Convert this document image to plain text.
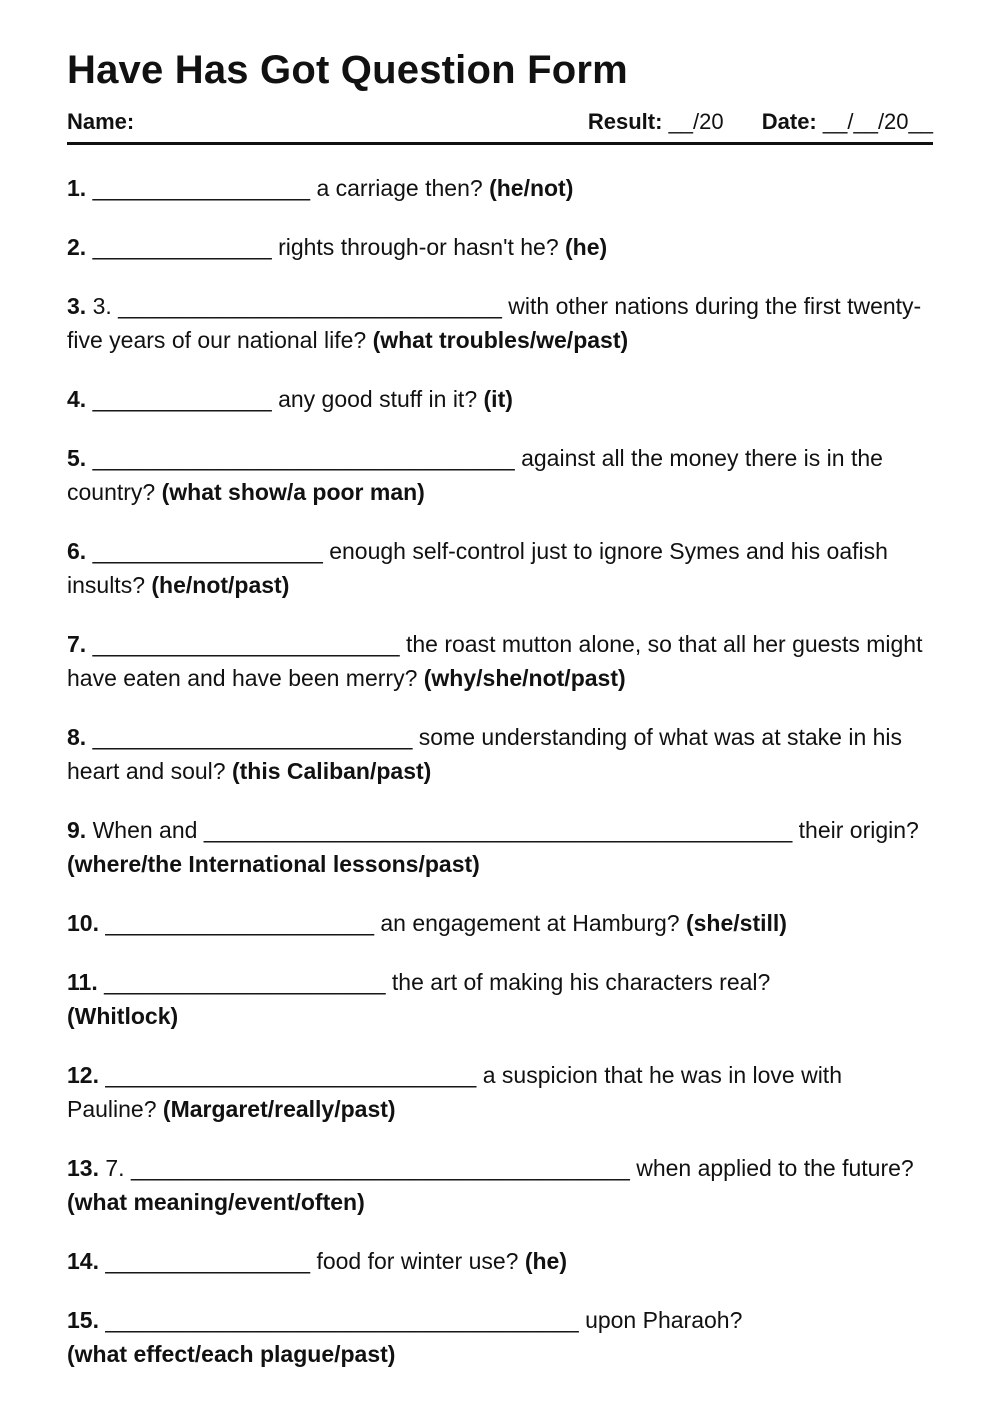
Have Has Got Question Form
Name:	Result: __/20 Date: __/__/20__

1. _________________ a carriage then? (he/not)

2. ______________ rights through-or hasn't he? (he)

3. 3. ______________________________ with other nations during the first twenty-five years of our national life? (what troubles/we/past)

4. ______________ any good stuff in it? (it)

5. _________________________________ against all the money there is in the country? (what show/a poor man)

6. __________________ enough self-control just to ignore Symes and his oafish insults? (he/not/past)

7. ________________________ the roast mutton alone, so that all her guests might have eaten and have been merry? (why/she/not/past)

8. _________________________ some understanding of what was at stake in his heart and soul? (this Caliban/past)

9. When and ______________________________________________ their origin? (where/the International lessons/past)

10. _____________________ an engagement at Hamburg? (she/still)

11. ______________________ the art of making his characters real?
(Whitlock)

12. _____________________________ a suspicion that he was in love with Pauline? (Margaret/really/past)

13. 7. _______________________________________ when applied to the future? (what meaning/event/often)

14. ________________ food for winter use? (he)

15. _____________________________________ upon Pharaoh?
(what effect/each plague/past)
